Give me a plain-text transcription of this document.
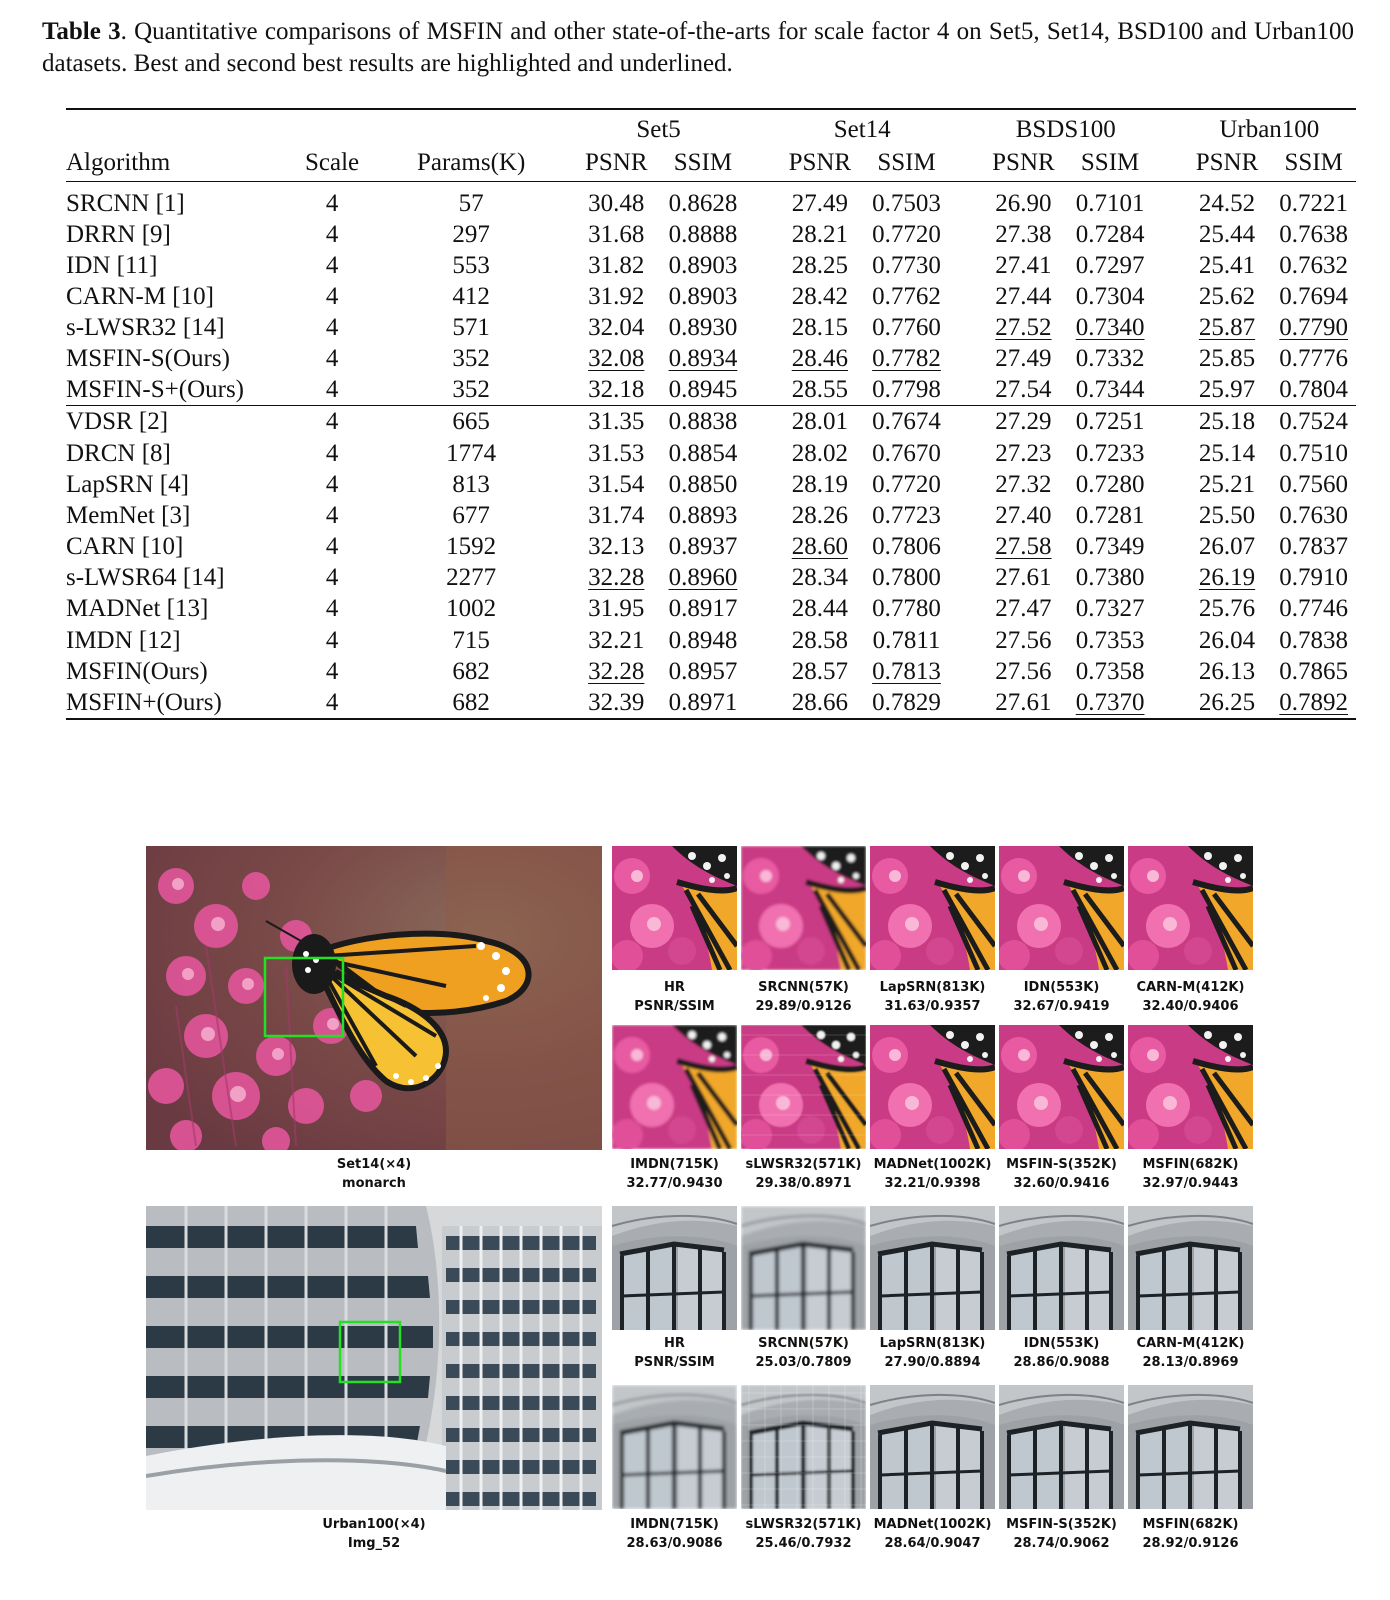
Table 3. Quantitative comparisons of MSFIN and other state-of-the-arts for scale factor 4 on Set5, Set14, BSD100 and Urban100 datasets. Best and second best results are highlighted and underlined.
			Set5			Set14			BSDS100			Urban100	
Algorithm	Scale	Params(K)	PSNR	SSIM		PSNR	SSIM		PSNR	SSIM		PSNR	SSIM
SRCNN [1]	4	57	30.48	0.8628		27.49	0.7503		26.90	0.7101		24.52	0.7221
DRRN [9]	4	297	31.68	0.8888		28.21	0.7720		27.38	0.7284		25.44	0.7638
IDN [11]	4	553	31.82	0.8903		28.25	0.7730		27.41	0.7297		25.41	0.7632
CARN-M [10]	4	412	31.92	0.8903		28.42	0.7762		27.44	0.7304		25.62	0.7694
s-LWSR32 [14]	4	571	32.04	0.8930		28.15	0.7760		27.52	0.7340		25.87	0.7790
MSFIN-S(Ours)	4	352	32.08	0.8934		28.46	0.7782		27.49	0.7332		25.85	0.7776
MSFIN-S+(Ours)	4	352	32.18	0.8945		28.55	0.7798		27.54	0.7344		25.97	0.7804
VDSR [2]	4	665	31.35	0.8838		28.01	0.7674		27.29	0.7251		25.18	0.7524
DRCN [8]	4	1774	31.53	0.8854		28.02	0.7670		27.23	0.7233		25.14	0.7510
LapSRN [4]	4	813	31.54	0.8850		28.19	0.7720		27.32	0.7280		25.21	0.7560
MemNet [3]	4	677	31.74	0.8893		28.26	0.7723		27.40	0.7281		25.50	0.7630
CARN [10]	4	1592	32.13	0.8937		28.60	0.7806		27.58	0.7349		26.07	0.7837
s-LWSR64 [14]	4	2277	32.28	0.8960		28.34	0.7800		27.61	0.7380		26.19	0.7910
MADNet [13]	4	1002	31.95	0.8917		28.44	0.7780		27.47	0.7327		25.76	0.7746
IMDN [12]	4	715	32.21	0.8948		28.58	0.7811		27.56	0.7353		26.04	0.7838
MSFIN(Ours)	4	682	32.28	0.8957		28.57	0.7813		27.56	0.7358		26.13	0.7865
MSFIN+(Ours)	4	682	32.39	0.8971		28.66	0.7829		27.61	0.7370		26.25	0.7892
Set14(×4)
monarch
HR
PSNR/SSIM
SRCNN(57K)
29.89/0.9126
LapSRN(813K)
31.63/0.9357
IDN(553K)
32.67/0.9419
CARN-M(412K)
32.40/0.9406
IMDN(715K)
32.77/0.9430
sLWSR32(571K)
29.38/0.8971
MADNet(1002K)
32.21/0.9398
MSFIN-S(352K)
32.60/0.9416
MSFIN(682K)
32.97/0.9443
Urban100(×4)
Img_52
HR
PSNR/SSIM
SRCNN(57K)
25.03/0.7809
LapSRN(813K)
27.90/0.8894
IDN(553K)
28.86/0.9088
CARN-M(412K)
28.13/0.8969
IMDN(715K)
28.63/0.9086
sLWSR32(571K)
25.46/0.7932
MADNet(1002K)
28.64/0.9047
MSFIN-S(352K)
28.74/0.9062
MSFIN(682K)
28.92/0.9126
